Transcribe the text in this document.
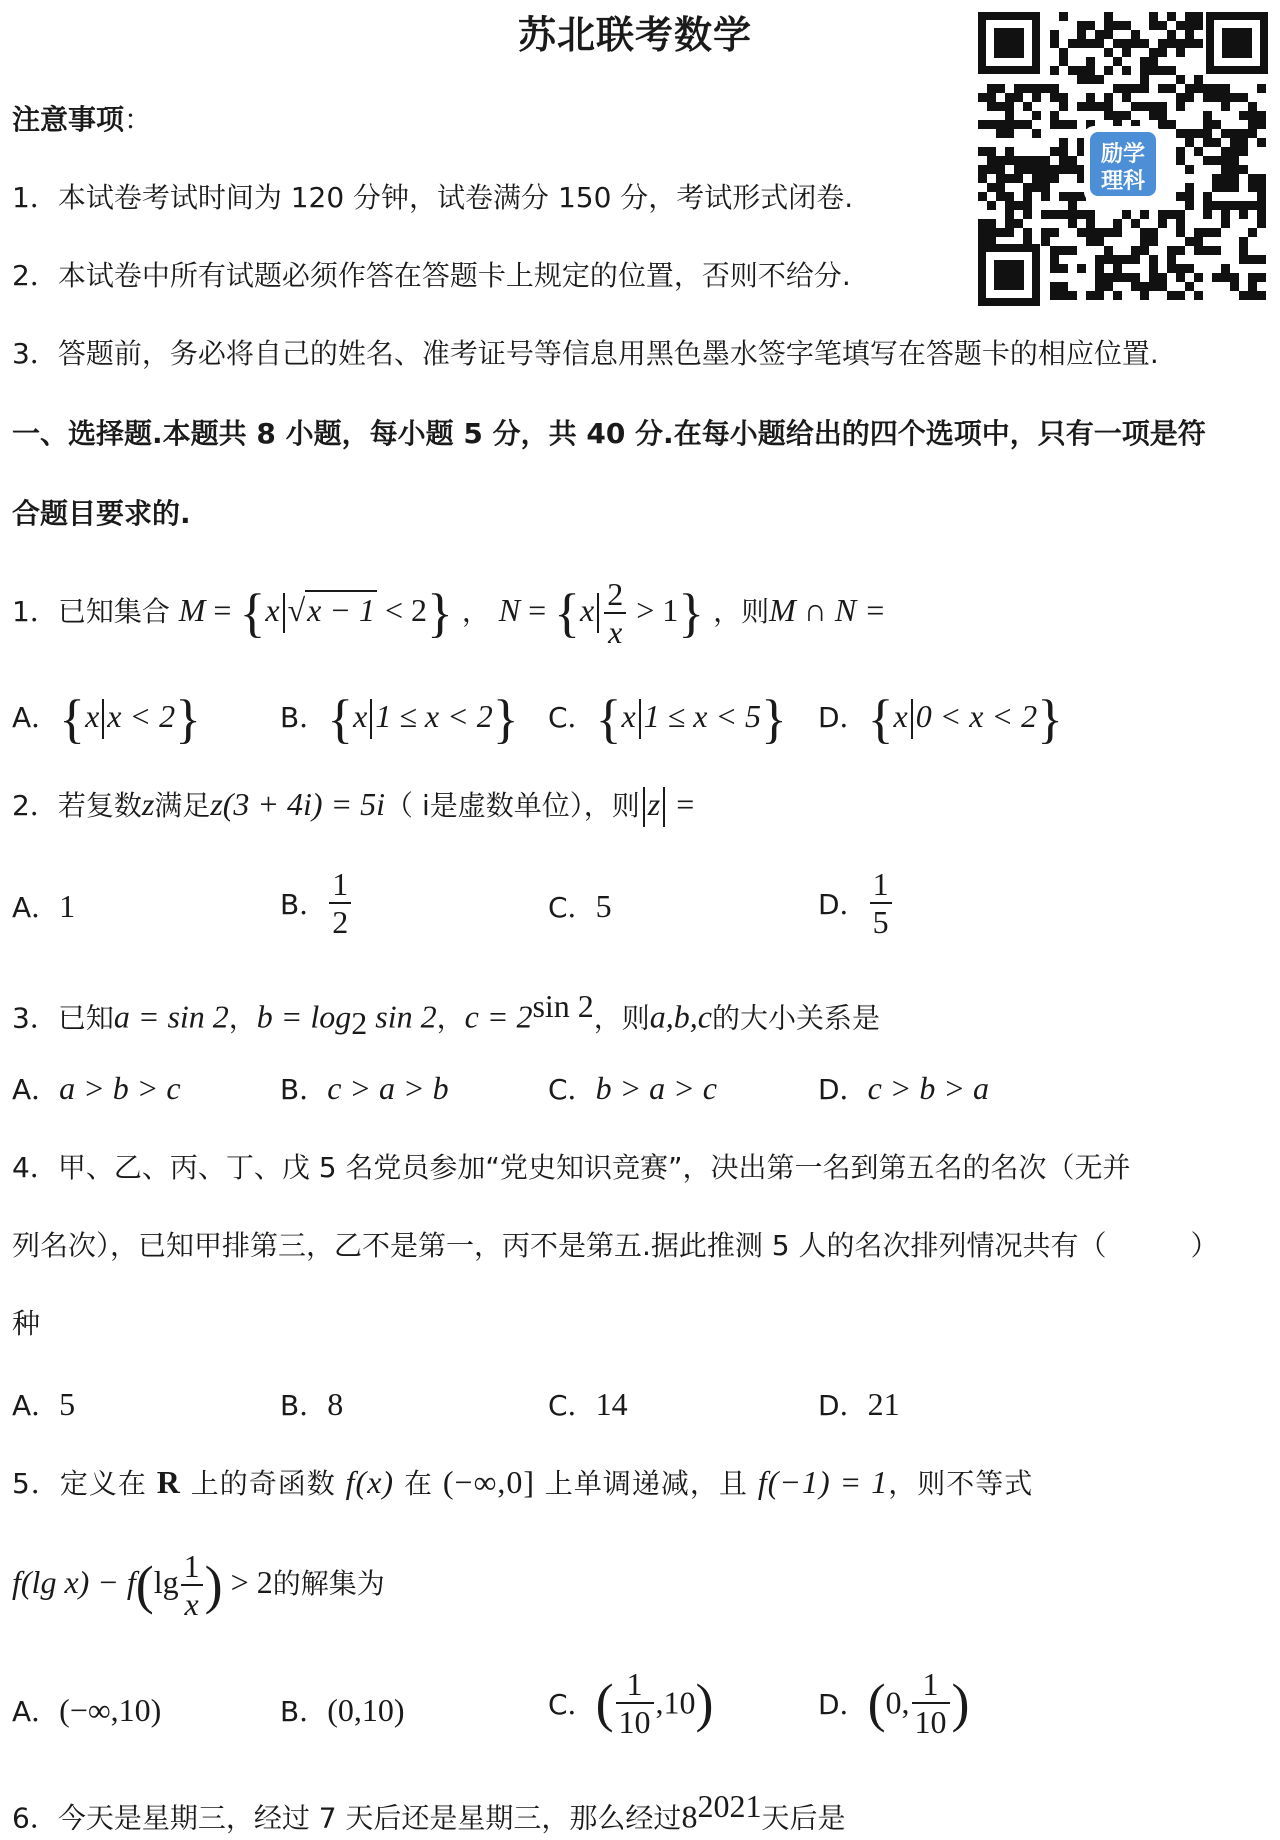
苏北联考数学
励学
理科
注意事项：
1．本试卷考试时间为 120 分钟，试卷满分 150 分，考试形式闭卷.
2．本试卷中所有试题必须作答在答题卡上规定的位置，否则不给分.
3．答题前，务必将自己的姓名、准考证号等信息用黑色墨水签字笔填写在答题卡的相应位置.
一、选择题.本题共 8 小题，每小题 5 分，共 40 分.在每小题给出的四个选项中，只有一项是符
合题目要求的.
1．已知集合 M = {x √x − 1 < 2} ， $N = \{x \frac{2}{x} > 1\}$ ，则M ∩ N =
A．{x x < 2}	B．{x 1 ≤ x < 2} C．{x 1 ≤ x < 5} D．{x 0 < x < 2}
2．若复数z满足z(3 + 4i) = 5i（ i是虚数单位），则 z =
A．1	B． $\frac{1}{2}$	C．5	D． $\frac{1}{5}$
3．已知a = sin 2，$b = \log_2 \sin 2$，$c = 2^{sin 2}$，则a,b,c的大小关系是
A．a > b > c	B．c > a > b	C．b > a > c	D．c > b > a
4．甲、乙、丙、丁、戊 5 名党员参加“党史知识竞赛”，决出第一名到第五名的名次（无并
列名次），已知甲排第三，乙不是第一，丙不是第五.据此推测 5 人的名次排列情况共有（　　　）
种
A．5	B．8	C．14	D．21
5．定义在 R 上的奇函数 f(x) 在 (−∞,0] 上单调递减，且 f(−1) = 1，则不等式
f(lg $x) - f(\lg \frac{1}{x}$ ) > 2的解集为
A．(−∞,10)	B．(0,10)	C．( $\frac{1}{10} ,10$)	D．(0, $\frac{1}{10}$ )
6．今天是星期三，经过 7 天后还是星期三，那么经过$8^{2021}$天后是
